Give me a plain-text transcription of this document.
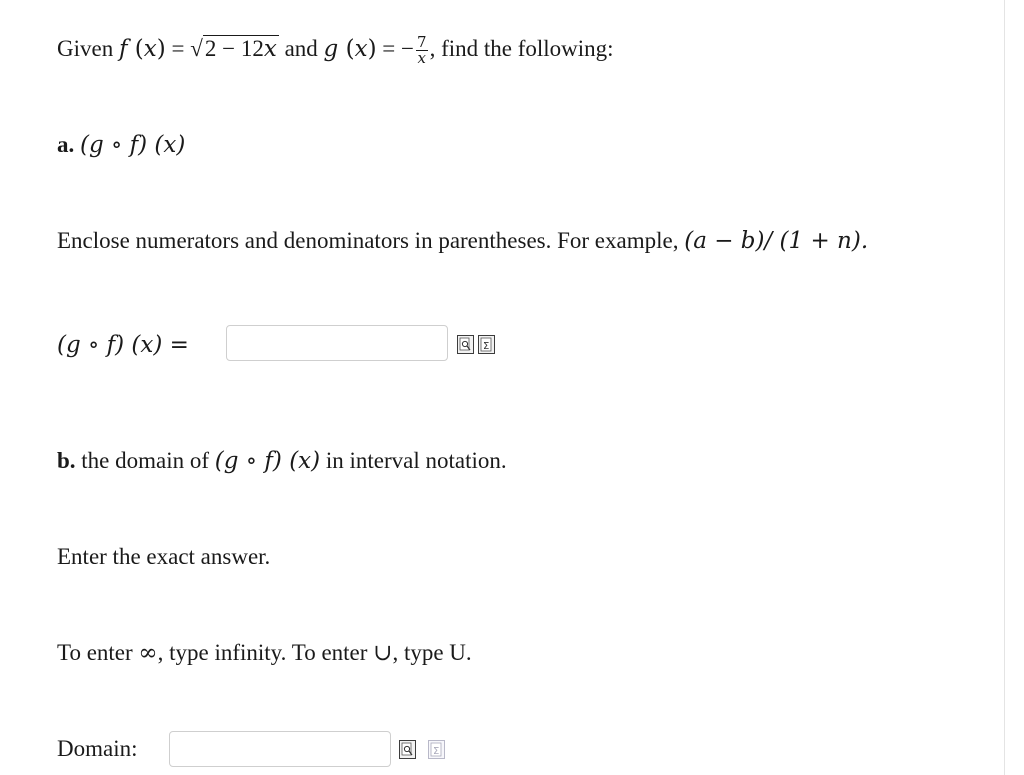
Given f (x) = √2 − 12x and g (x) = − $\frac{7}{x}$ , find the following:
a. (g ∘ f) (x)
Enclose numerators and denominators in parentheses. For example, (a − b)/ (1 + n).
(g ∘ f) (x) =	Σ
b. the domain of (g ∘ f) (x) in interval notation.
Enter the exact answer.
To enter ∞, type infinity. To enter ∪, type U.
Domain:	Σ
